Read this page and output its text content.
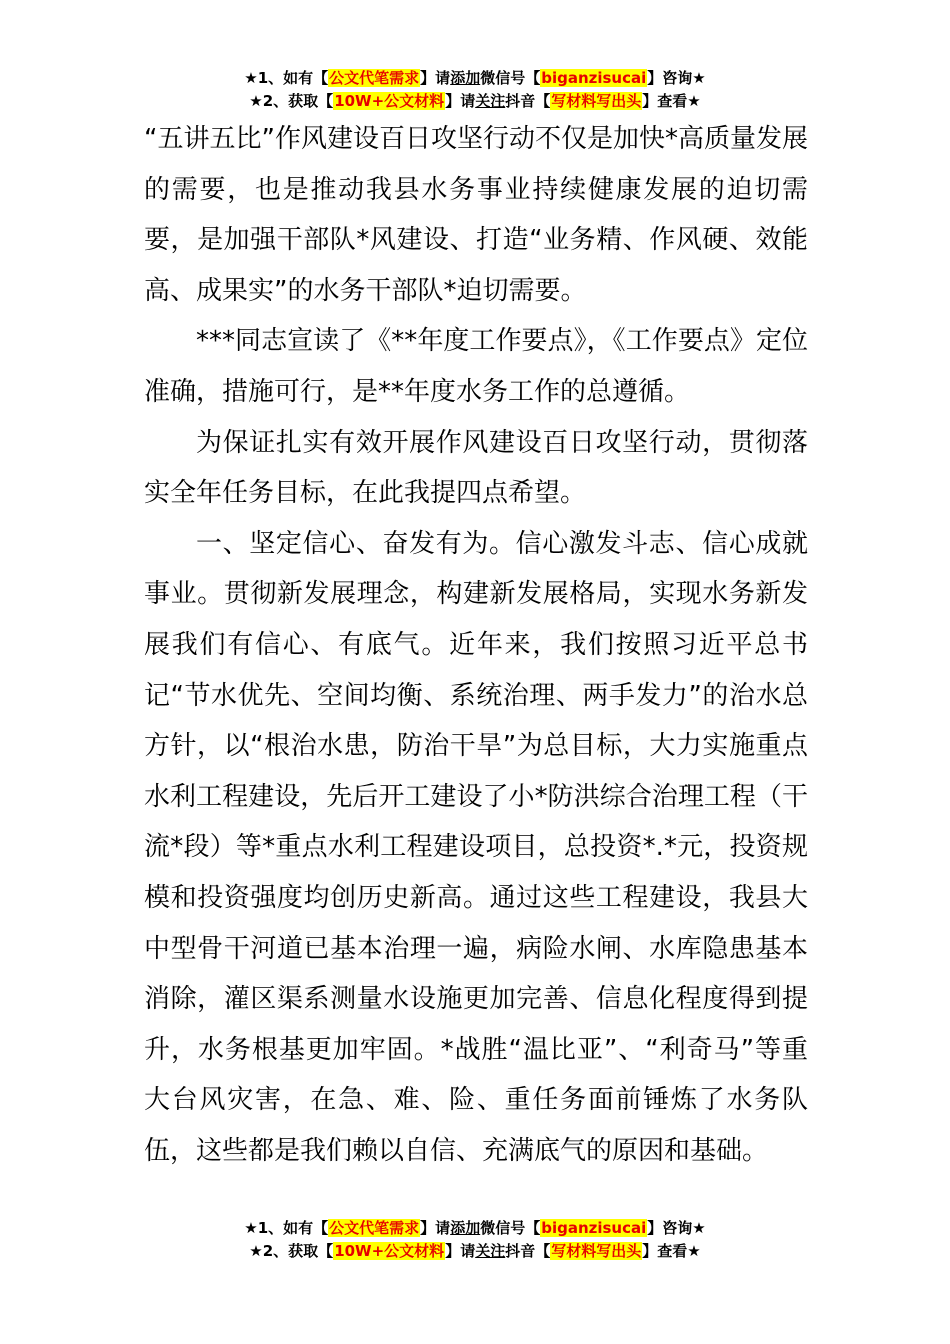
★1、如有【公文代笔需求】请添加微信号【biganzisucai】咨询★
★2、获取【10W+公文材料】请关注抖音【写材料写出头】查看★

“五讲五比”作风建设百日攻坚行动不仅是加快*高质量发展的需要，也是推动我县水务事业持续健康发展的迫切需要，是加强干部队*风建设、打造“业务精、作风硬、效能高、成果实”的水务干部队*迫切需要。

***同志宣读了《**年度工作要点》，《工作要点》定位准确，措施可行，是**年度水务工作的总遵循。

为保证扎实有效开展作风建设百日攻坚行动，贯彻落实全年任务目标，在此我提四点希望。

一、坚定信心、奋发有为。信心激发斗志、信心成就事业。贯彻新发展理念，构建新发展格局，实现水务新发展我们有信心、有底气。近年来，我们按照习近平总书记“节水优先、空间均衡、系统治理、两手发力”的治水总方针，以“根治水患，防治干旱”为总目标，大力实施重点水利工程建设，先后开工建设了小*防洪综合治理工程（干流*段）等*重点水利工程建设项目，总投资*.*元，投资规模和投资强度均创历史新高。通过这些工程建设，我县大中型骨干河道已基本治理一遍，病险水闸、水库隐患基本消除，灌区渠系测量水设施更加完善、信息化程度得到提升，水务根基更加牢固。*战胜“温比亚”、“利奇马”等重大台风灾害，在急、难、险、重任务面前锤炼了水务队伍，这些都是我们赖以自信、充满底气的原因和基础。

★1、如有【公文代笔需求】请添加微信号【biganzisucai】咨询★
★2、获取【10W+公文材料】请关注抖音【写材料写出头】查看★
